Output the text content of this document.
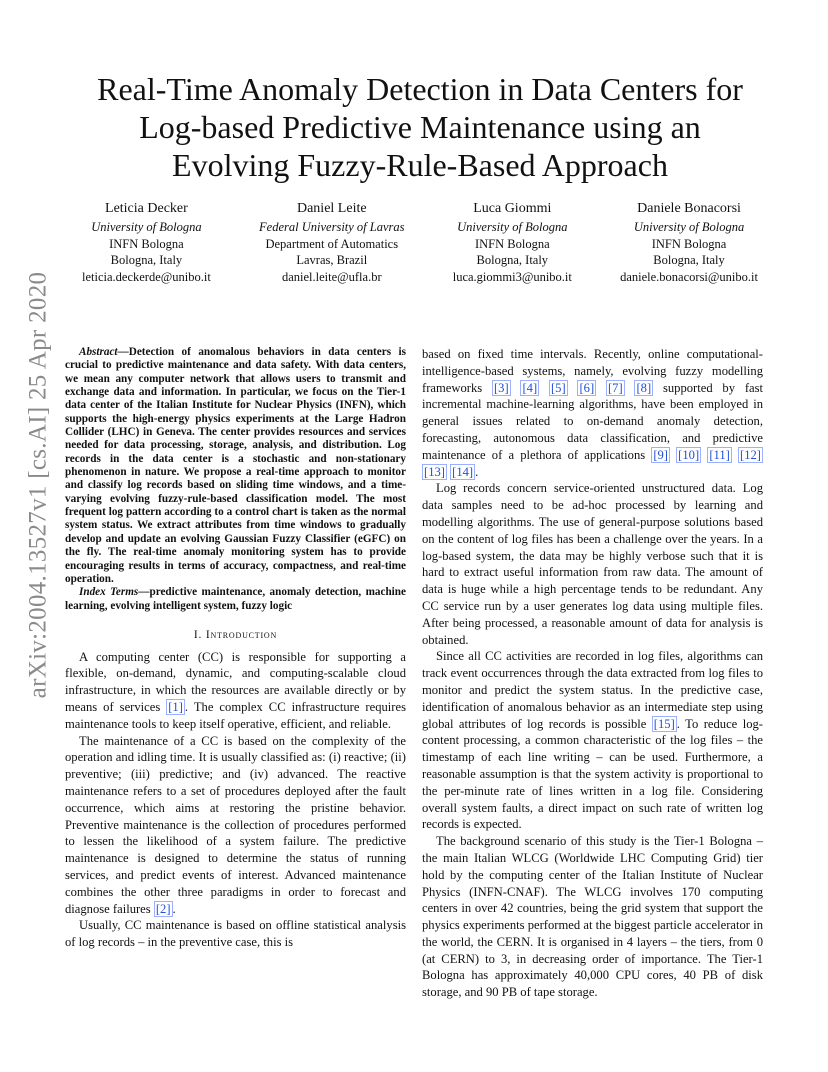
arXiv:2004.13527v1 [cs.AI] 25 Apr 2020
Real-Time Anomaly Detection in Data Centers for Log-based Predictive Maintenance using an Evolving Fuzzy-Rule-Based Approach
Leticia Decker
University of Bologna
INFN Bologna
Bologna, Italy
leticia.deckerde@unibo.it
Daniel Leite
Federal University of Lavras
Department of Automatics
Lavras, Brazil
daniel.leite@ufla.br
Luca Giommi
University of Bologna
INFN Bologna
Bologna, Italy
luca.giommi3@unibo.it
Daniele Bonacorsi
University of Bologna
INFN Bologna
Bologna, Italy
daniele.bonacorsi@unibo.it

Abstract—Detection of anomalous behaviors in data centers is crucial to predictive maintenance and data safety. With data centers, we mean any computer network that allows users to transmit and exchange data and information. In particular, we focus on the Tier-1 data center of the Italian Institute for Nuclear Physics (INFN), which supports the high-energy physics experiments at the Large Hadron Collider (LHC) in Geneva. The center provides resources and services needed for data processing, storage, analysis, and distribution. Log records in the data center is a stochastic and non-stationary phenomenon in nature. We propose a real-time approach to monitor and classify log records based on sliding time windows, and a time-varying evolving fuzzy-rule-based classification model. The most frequent log pattern according to a control chart is taken as the normal system status. We extract attributes from time windows to gradually develop and update an evolving Gaussian Fuzzy Classifier (eGFC) on the fly. The real-time anomaly monitoring system has to provide encouraging results in terms of accuracy, compactness, and real-time operation.

Index Terms—predictive maintenance, anomaly detection, machine learning, evolving intelligent system, fuzzy logic

I. Introduction

A computing center (CC) is responsible for supporting a flexible, on-demand, dynamic, and computing-scalable cloud infrastructure, in which the resources are available directly or by means of services [1] . The complex CC infrastructure requires maintenance tools to keep itself operative, efficient, and reliable.

The maintenance of a CC is based on the complexity of the operation and idling time. It is usually classified as: (i) reactive; (ii) preventive; (iii) predictive; and (iv) advanced. The reactive maintenance refers to a set of procedures deployed after the fault occurrence, which aims at restoring the pristine behavior. Preventive maintenance is the collection of procedures performed to lessen the likelihood of a system failure. The predictive maintenance is designed to determine the status of running services, and predict events of interest. Advanced maintenance combines the other three paradigms in order to forecast and diagnose failures [2] .

Usually, CC maintenance is based on offline statistical analysis of log records – in the preventive case, this is

based on fixed time intervals. Recently, online computational-intelligence-based systems, namely, evolving fuzzy modelling frameworks [3] [4] [5] [6] [7] [8] supported by fast incremental machine-learning algorithms, have been employed in general issues related to on-demand anomaly detection, forecasting, autonomous data classification, and predictive maintenance of a plethora of applications [9] [10] [11] [12] [13] [14] .

Log records concern service-oriented unstructured data. Log data samples need to be ad-hoc processed by learning and modelling algorithms. The use of general-purpose solutions based on the content of log files has been a challenge over the years. In a log-based system, the data may be highly verbose such that it is hard to extract useful information from raw data. The amount of data is huge while a high percentage tends to be redundant. Any CC service run by a user generates log data using multiple files. After being processed, a reasonable amount of data for analysis is obtained.

Since all CC activities are recorded in log files, algorithms can track event occurrences through the data extracted from log files to monitor and predict the system status. In the predictive case, identification of anomalous behavior as an intermediate step using global attributes of log records is possible [15] . To reduce log-content processing, a common characteristic of the log files – the timestamp of each line writing – can be used. Furthermore, a reasonable assumption is that the system activity is proportional to the per-minute rate of lines written in a log file. Considering overall system faults, a direct impact on such rate of written log records is expected.

The background scenario of this study is the Tier-1 Bologna – the main Italian WLCG (Worldwide LHC Computing Grid) tier hold by the computing center of the Italian Institute of Nuclear Physics (INFN-CNAF). The WLCG involves 170 computing centers in over 42 countries, being the grid system that support the physics experiments performed at the biggest particle accelerator in the world, the CERN. It is organised in 4 layers – the tiers, from 0 (at CERN) to 3, in decreasing order of importance. The Tier-1 Bologna has approximately 40,000 CPU cores, 40 PB of disk storage, and 90 PB of tape storage.
